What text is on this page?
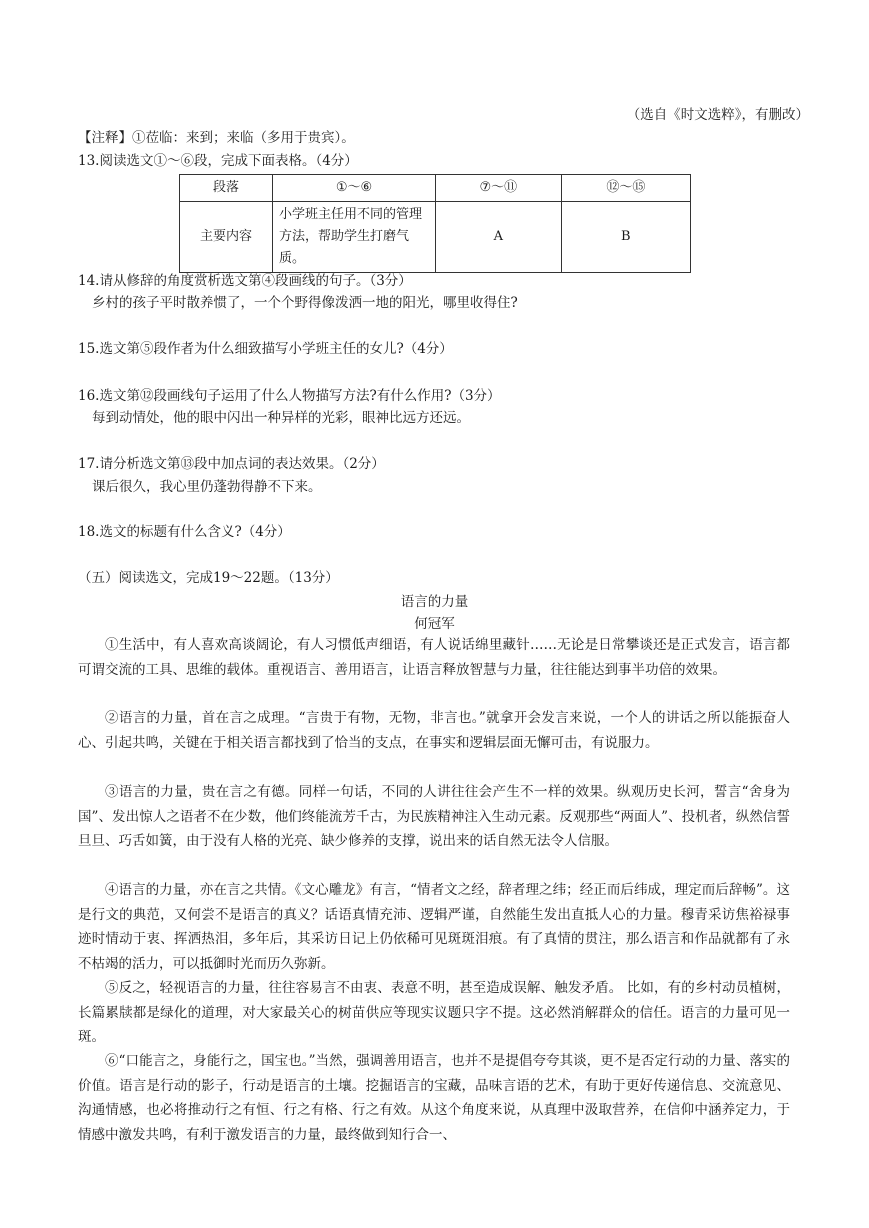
（选自《时文选粹》，有删改）
【注释】①莅临：来到；来临（多用于贵宾）。
13.阅读选文①～⑥段，完成下面表格。（4分）
段落	①～⑥	⑦～⑪	⑫～⑮
主要内容	小学班主任用不同的管理方法，帮助学生打磨气质。	A	B
14.请从修辞的角度赏析选文第④段画线的句子。（3分）
乡村的孩子平时散养惯了，一个个野得像泼洒一地的阳光，哪里收得住?
15.选文第⑤段作者为什么细致描写小学班主任的女儿?（4分）
16.选文第⑫段画线句子运用了什么人物描写方法?有什么作用?（3分）
每到动情处，他的眼中闪出一种异样的光彩，眼神比远方还远。
17.请分析选文第⑬段中加点词的表达效果。（2分）
课后很久，我心里仍蓬勃得静不下来。
18.选文的标题有什么含义?（4分）
（五）阅读选文，完成19～22题。（13分）
语言的力量
何冠军
①生活中，有人喜欢高谈阔论，有人习惯低声细语，有人说话绵里藏针……无论是日常攀谈还是正式发言，语言都可谓交流的工具、思维的载体。重视语言、善用语言，让语言释放智慧与力量，往往能达到事半功倍的效果。
②语言的力量，首在言之成理。“言贵于有物，无物，非言也。”就拿开会发言来说，一个人的讲话之所以能振奋人心、引起共鸣，关键在于相关语言都找到了恰当的支点，在事实和逻辑层面无懈可击，有说服力。
③语言的力量，贵在言之有德。同样一句话，不同的人讲往往会产生不一样的效果。纵观历史长河，誓言“舍身为国”、发出惊人之语者不在少数，他们终能流芳千古，为民族精神注入生动元素。反观那些“两面人”、投机者，纵然信誓旦旦、巧舌如簧，由于没有人格的光亮、缺少修养的支撑，说出来的话自然无法令人信服。
④语言的力量，亦在言之共情。《文心雕龙》有言，“情者文之经，辞者理之纬；经正而后纬成，理定而后辞畅”。这是行文的典范，又何尝不是语言的真义？话语真情充沛、逻辑严谨，自然能生发出直抵人心的力量。穆青采访焦裕禄事迹时情动于衷、挥洒热泪，多年后，其采访日记上仍依稀可见斑斑泪痕。有了真情的贯注，那么语言和作品就都有了永不枯竭的活力，可以抵御时光而历久弥新。
⑤反之，轻视语言的力量，往往容易言不由衷、表意不明，甚至造成误解、触发矛盾。 比如，有的乡村动员植树，长篇累牍都是绿化的道理，对大家最关心的树苗供应等现实议题只字不提。这必然消解群众的信任。语言的力量可见一斑。
⑥“口能言之，身能行之，国宝也。”当然，强调善用语言，也并不是提倡夸夸其谈，更不是否定行动的力量、落实的价值。语言是行动的影子，行动是语言的土壤。挖掘语言的宝藏，品味言语的艺术，有助于更好传递信息、交流意见、沟通情感，也必将推动行之有恒、行之有格、行之有效。从这个角度来说，从真理中汲取营养，在信仰中涵养定力，于情感中激发共鸣，有利于激发语言的力量，最终做到知行合一、
